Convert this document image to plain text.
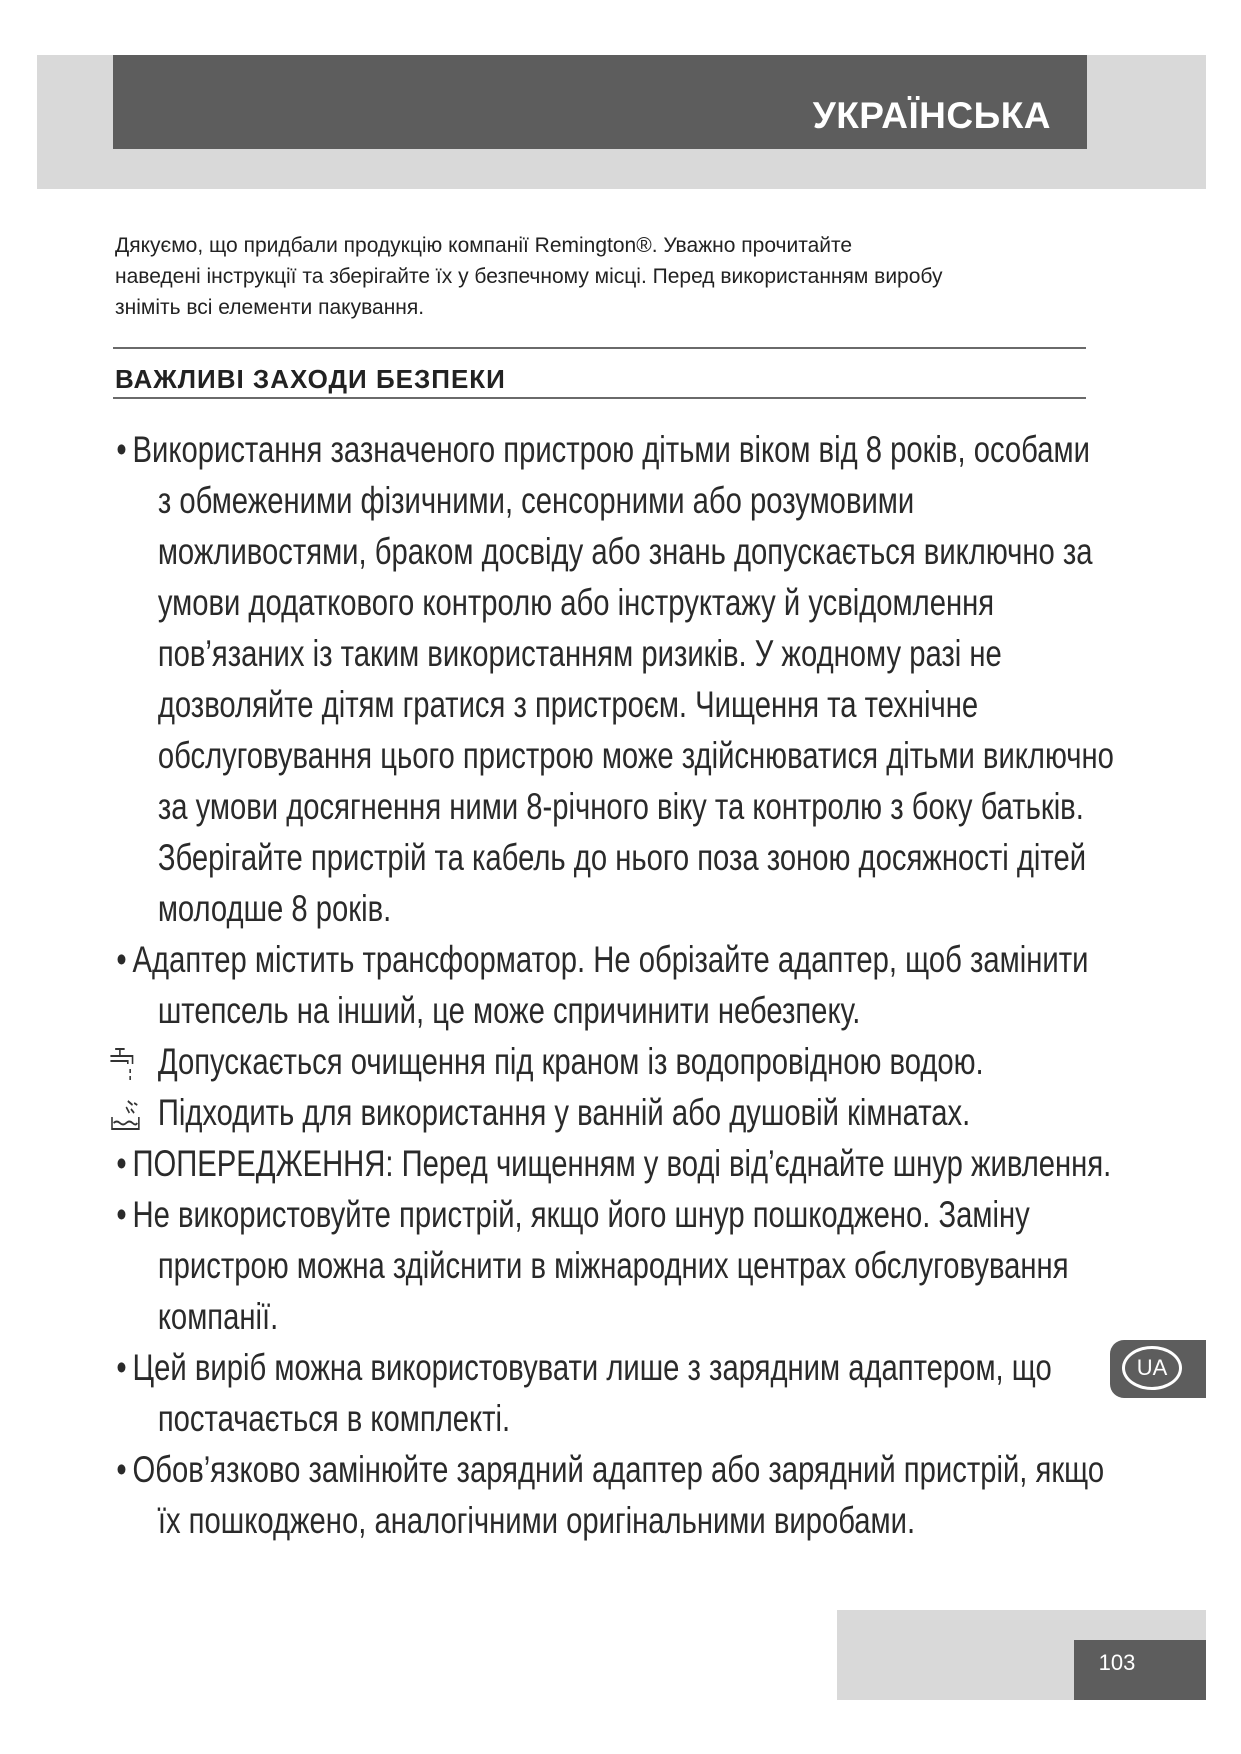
УКРАЇНСЬКА
Дякуємо, що придбали продукцію компанії Remington®. Уважно прочитайте
наведені інструкції та зберігайте їх у безпечному місці. Перед використанням виробу
зніміть всі елементи пакування.
ВАЖЛИВІ ЗАХОДИ БЕЗПЕКИ
• Використання зазначеного пристрою дітьми віком від 8 років, особами
з обмеженими фізичними, сенсорними або розумовими
можливостями, браком досвіду або знань допускається виключно за
умови додаткового контролю або інструктажу й усвідомлення
пов’язаних із таким використанням ризиків. У жодному разі не
дозволяйте дітям гратися з пристроєм. Чищення та технічне
обслуговування цього пристрою може здійснюватися дітьми виключно
за умови досягнення ними 8-річного віку та контролю з боку батьків.
Зберігайте пристрій та кабель до нього поза зоною досяжності дітей
молодше 8 років.
• Адаптер містить трансформатор. Не обрізайте адаптер, щоб замінити
штепсель на інший, це може спричинити небезпеку.
Допускається очищення під краном із водопровідною водою.
Підходить для використання у ванній або душовій кімнатах.
• ПОПЕРЕДЖЕННЯ: Перед чищенням у воді від’єднайте шнур живлення.
• Не використовуйте пристрій, якщо його шнур пошкоджено. Заміну
пристрою можна здійснити в міжнародних центрах обслуговування
компанії.
• Цей виріб можна використовувати лише з зарядним адаптером, що
постачається в комплекті.
• Обов’язково замінюйте зарядний адаптер або зарядний пристрій, якщо
їх пошкоджено, аналогічними оригінальними виробами.
UA
103
